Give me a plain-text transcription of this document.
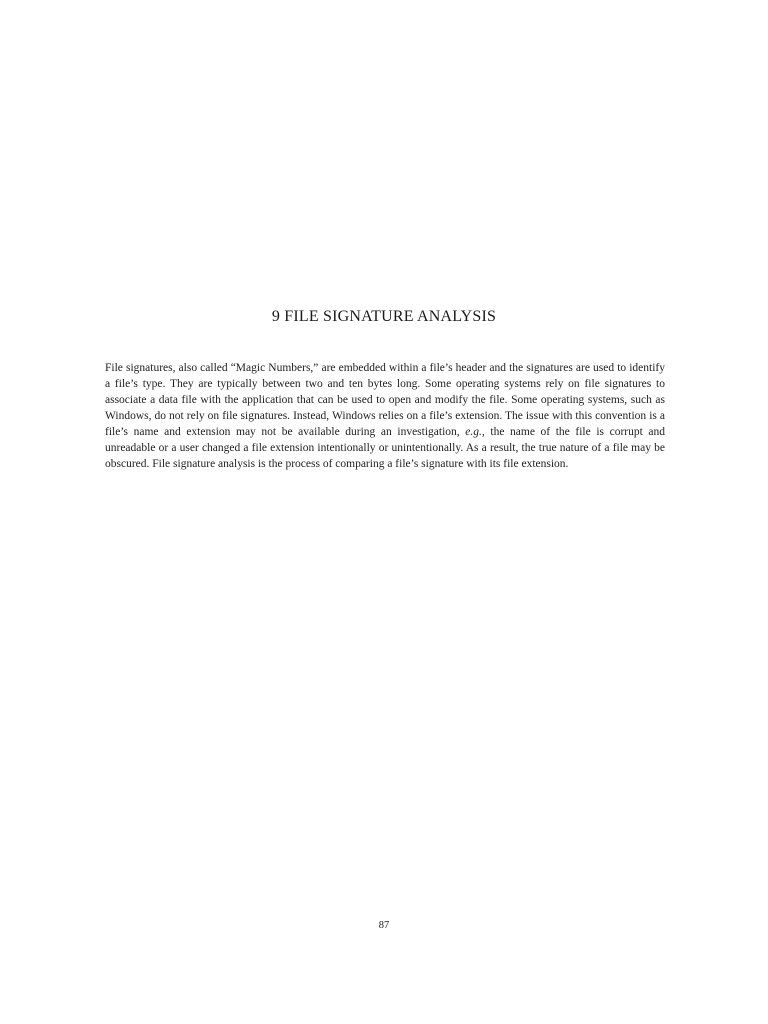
9 FILE SIGNATURE ANALYSIS

File signatures, also called “Magic Numbers,” are embedded within a file’s header and the signatures are used to identify a file’s type. They are typically between two and ten bytes long. Some operating systems rely on file signatures to associate a data file with the application that can be used to open and modify the file. Some operating systems, such as Windows, do not rely on file signatures. Instead, Windows relies on a file’s extension. The issue with this convention is a file’s name and extension may not be available during an investigation, e.g., the name of the file is corrupt and unreadable or a user changed a file extension intentionally or unintentionally. As a result, the true nature of a file may be obscured. File signature analysis is the process of comparing a file’s signature with its file extension.

87
